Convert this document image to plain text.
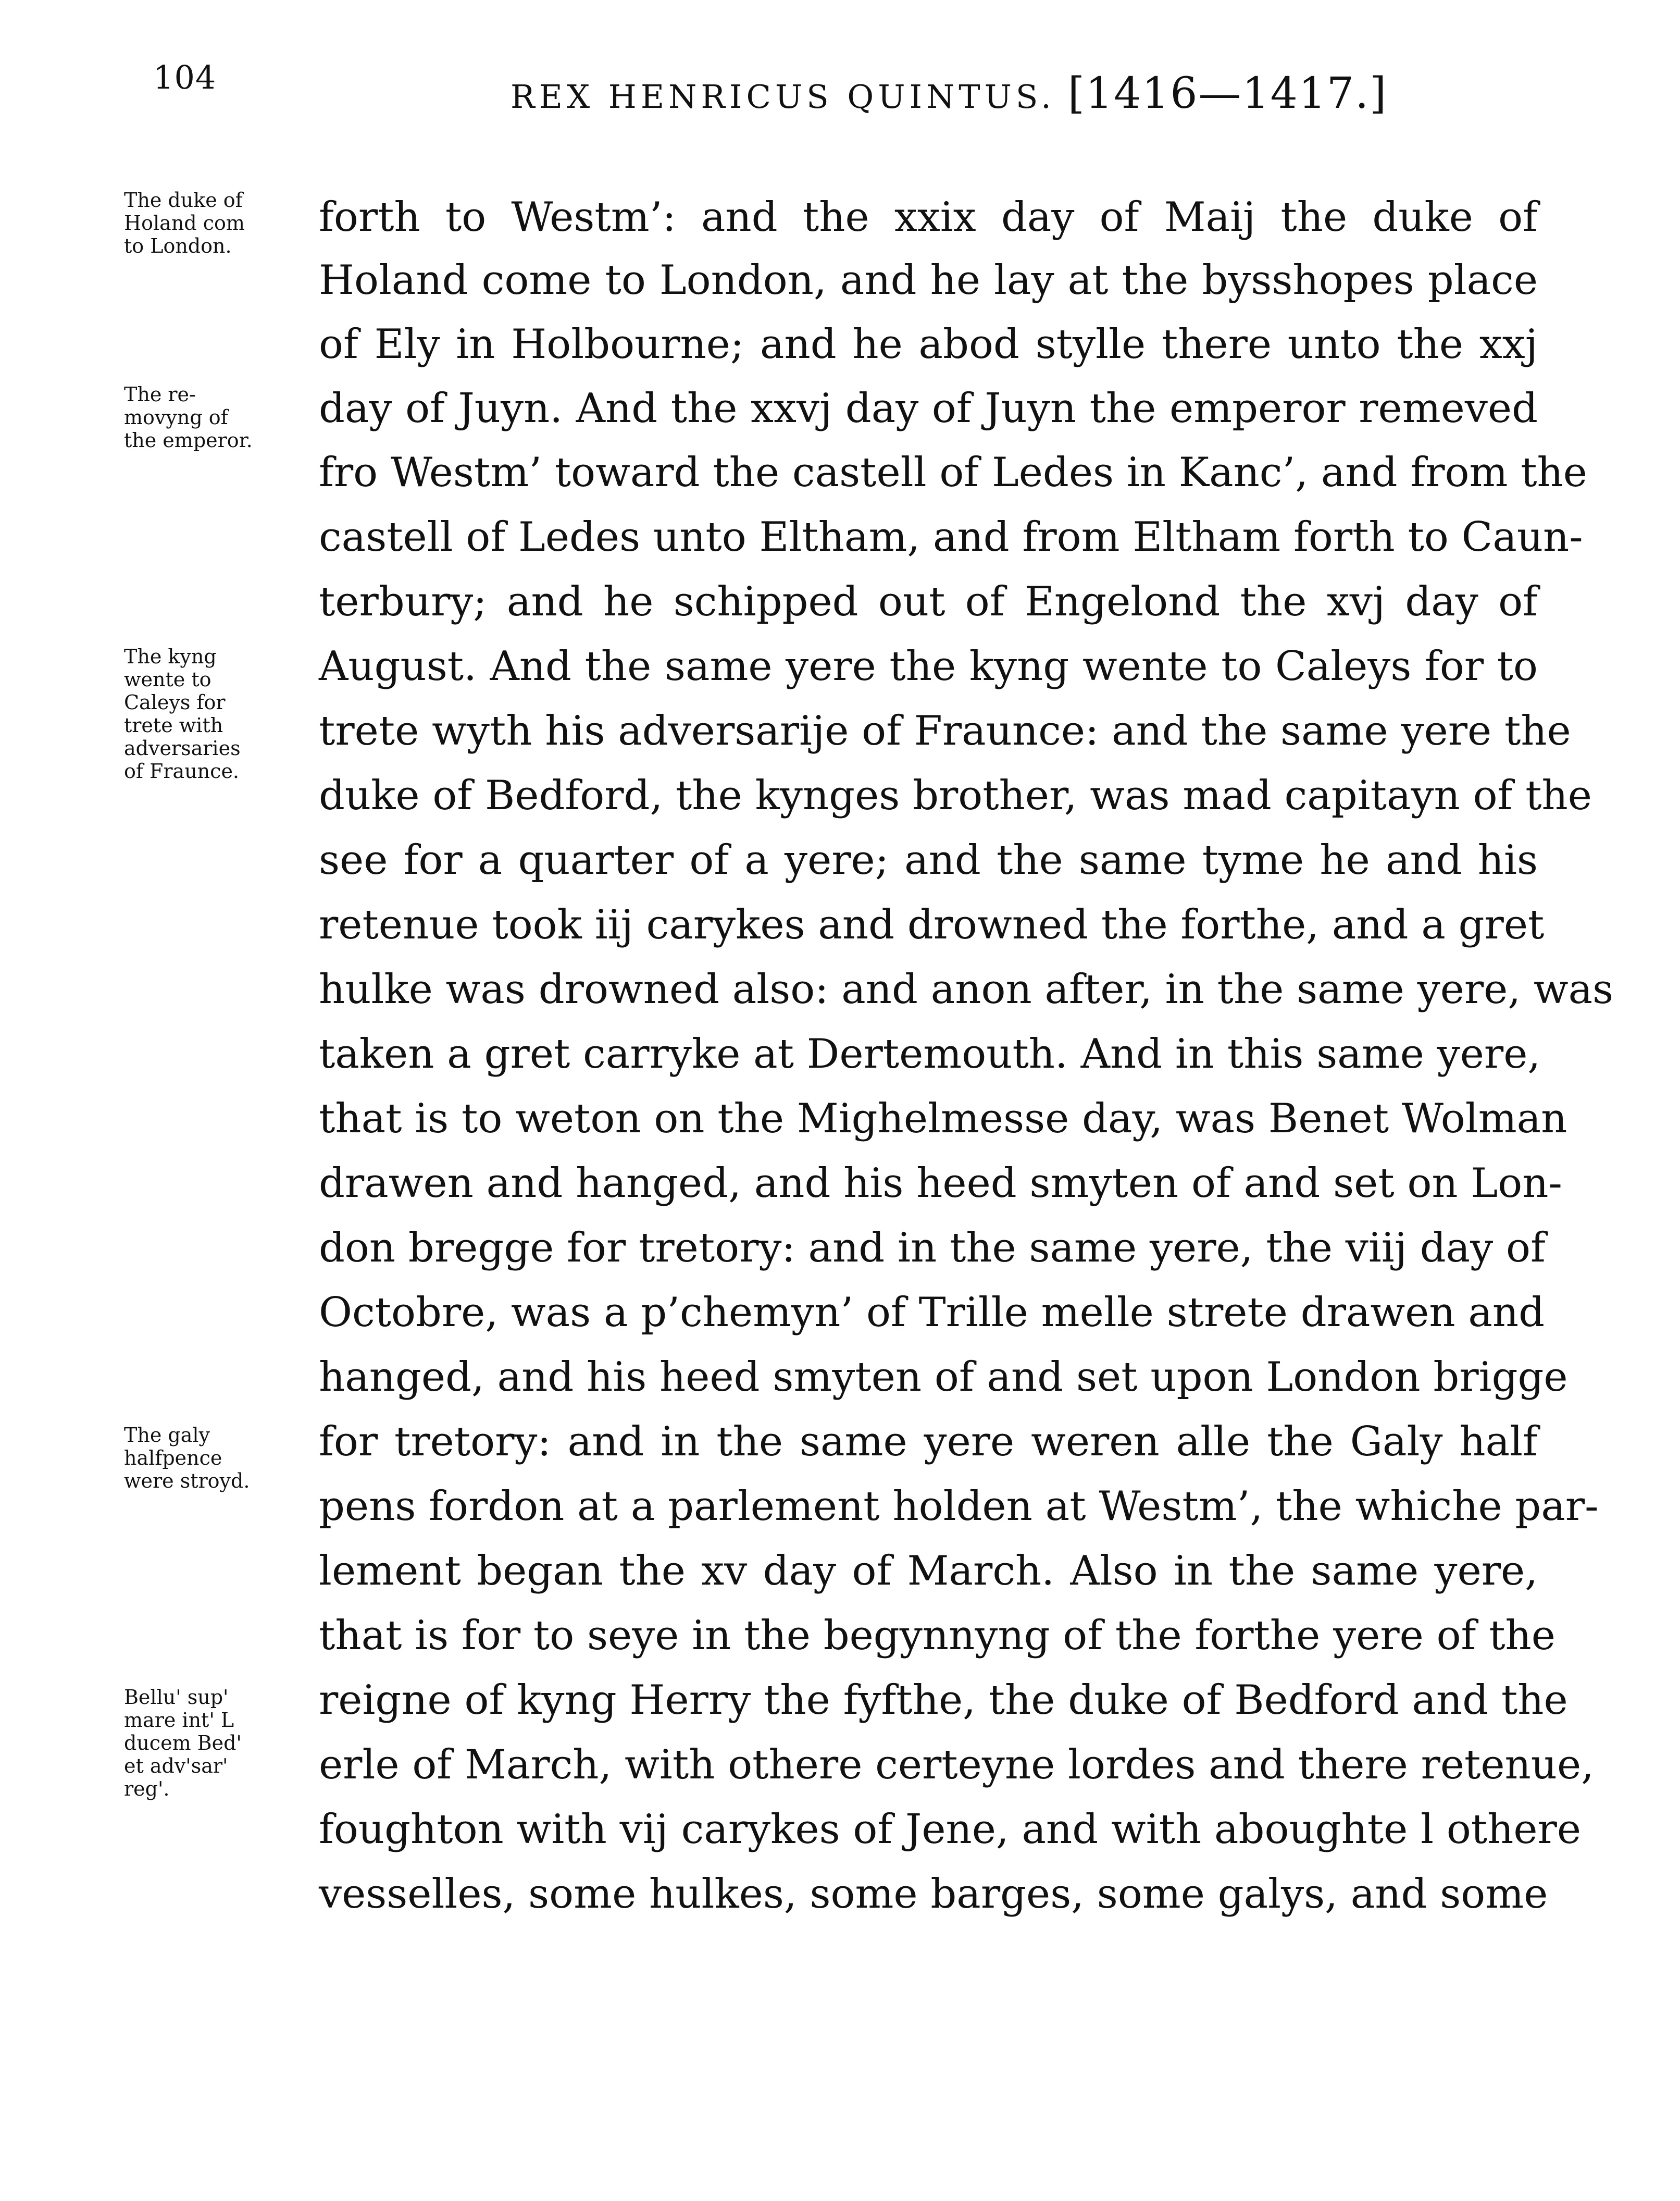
104
REX HENRICUS QUINTUS. [1416—1417.]
The duke of
Holand com
to London.
The re-
movyng of
the emperor.
The kyng
wente to
Caleys for
trete with
adversaries
of Fraunce.
The galy
halfpence
were stroyd.
Bellu' sup'
mare int' L
ducem Bed'
et adv'sar'
reg'.
forth to Westm’: and the xxix day of Maij the duke of
Holand come to London, and he lay at the bysshopes place
of Ely in Holbourne; and he abod stylle there unto the xxj
day of Juyn. And the xxvj day of Juyn the emperor remeved
fro Westm’ toward the castell of Ledes in Kanc’, and from the
castell of Ledes unto Eltham, and from Eltham forth to Caun-
terbury; and he schipped out of Engelond the xvj day of
August. And the same yere the kyng wente to Caleys for to
trete wyth his adversarije of Fraunce: and the same yere the
duke of Bedford, the kynges brother, was mad capitayn of the
see for a quarter of a yere; and the same tyme he and his
retenue took iij carykes and drowned the forthe, and a gret
hulke was drowned also: and anon after, in the same yere, was
taken a gret carryke at Dertemouth. And in this same yere,
that is to weton on the Mighelmesse day, was Benet Wolman
drawen and hanged, and his heed smyten of and set on Lon-
don bregge for tretory: and in the same yere, the viij day of
Octobre, was a p’chemyn’ of Trille melle strete drawen and
hanged, and his heed smyten of and set upon London brigge
for tretory: and in the same yere weren alle the Galy half
pens fordon at a parlement holden at Westm’, the whiche par-
lement began the xv day of March. Also in the same yere,
that is for to seye in the begynnyng of the forthe yere of the
reigne of kyng Herry the fyfthe, the duke of Bedford and the
erle of March, with othere certeyne lordes and there retenue,
foughton with vij carykes of Jene, and with aboughte l othere
vesselles, some hulkes, some barges, some galys, and some
